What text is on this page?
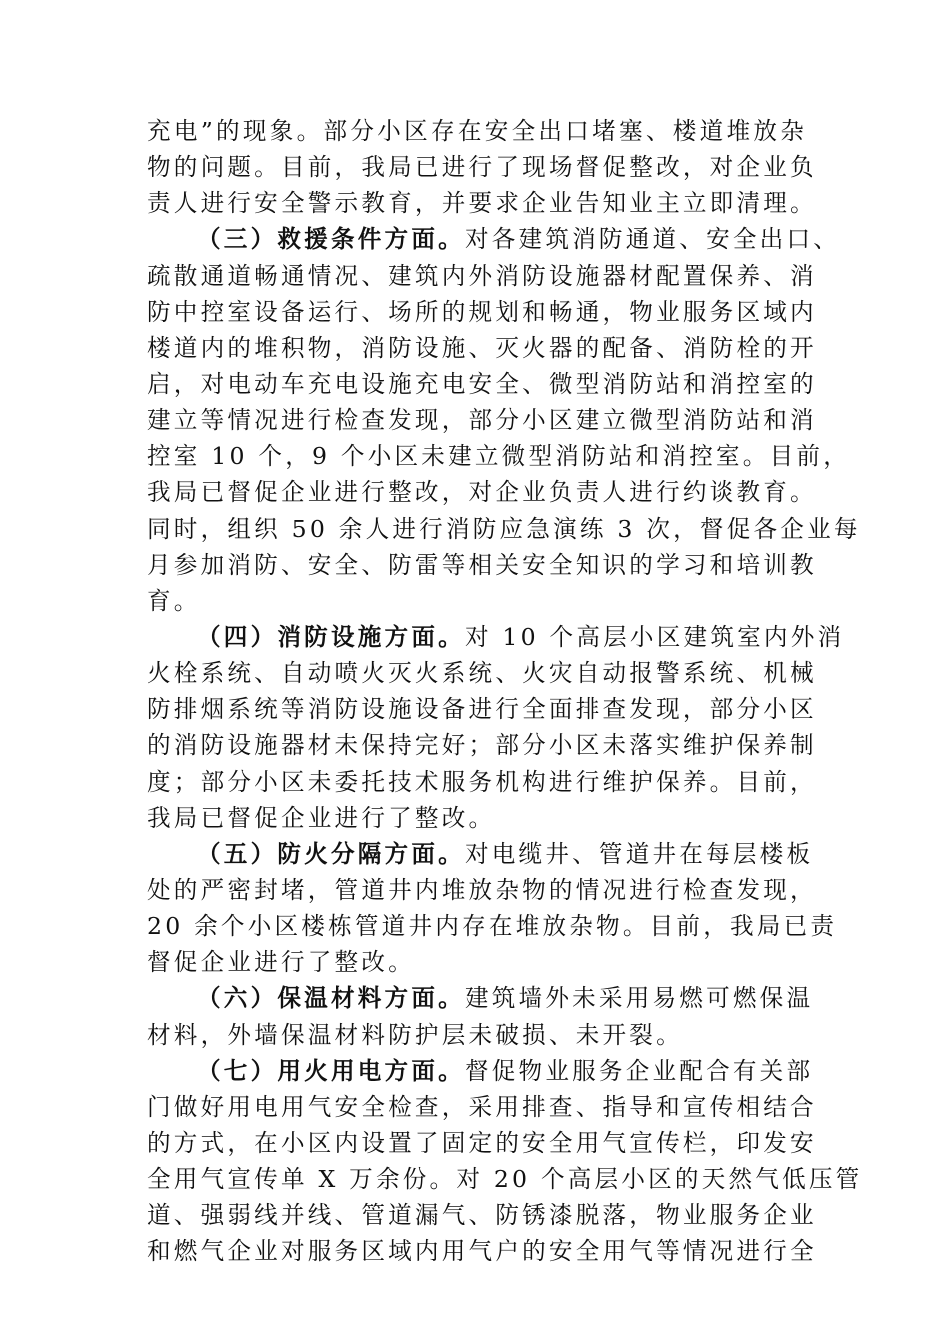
充电”的现象。部分小区存在安全出口堵塞、楼道堆放杂
物的问题。目前，我局已进行了现场督促整改，对企业负
责人进行安全警示教育，并要求企业告知业主立即清理。
（三）救援条件方面。对各建筑消防通道、安全出口、
疏散通道畅通情况、建筑内外消防设施器材配置保养、消
防中控室设备运行、场所的规划和畅通，物业服务区域内
楼道内的堆积物，消防设施、灭火器的配备、消防栓的开
启，对电动车充电设施充电安全、微型消防站和消控室的
建立等情况进行检查发现，部分小区建立微型消防站和消
控室 10 个，9 个小区未建立微型消防站和消控室。目前，
我局已督促企业进行整改，对企业负责人进行约谈教育。
同时，组织 50 余人进行消防应急演练 3 次，督促各企业每
月参加消防、安全、防雷等相关安全知识的学习和培训教
育。
（四）消防设施方面。对 10 个高层小区建筑室内外消
火栓系统、自动喷火灭火系统、火灾自动报警系统、机械
防排烟系统等消防设施设备进行全面排查发现，部分小区
的消防设施器材未保持完好；部分小区未落实维护保养制
度；部分小区未委托技术服务机构进行维护保养。目前，
我局已督促企业进行了整改。
（五）防火分隔方面。对电缆井、管道井在每层楼板
处的严密封堵，管道井内堆放杂物的情况进行检查发现，
20 余个小区楼栋管道井内存在堆放杂物。目前，我局已责
督促企业进行了整改。
（六）保温材料方面。建筑墙外未采用易燃可燃保温
材料，外墙保温材料防护层未破损、未开裂。
（七）用火用电方面。督促物业服务企业配合有关部
门做好用电用气安全检查，采用排查、指导和宣传相结合
的方式，在小区内设置了固定的安全用气宣传栏，印发安
全用气宣传单 X 万余份。对 20 个高层小区的天然气低压管
道、强弱线并线、管道漏气、防锈漆脱落，物业服务企业
和燃气企业对服务区域内用气户的安全用气等情况进行全
